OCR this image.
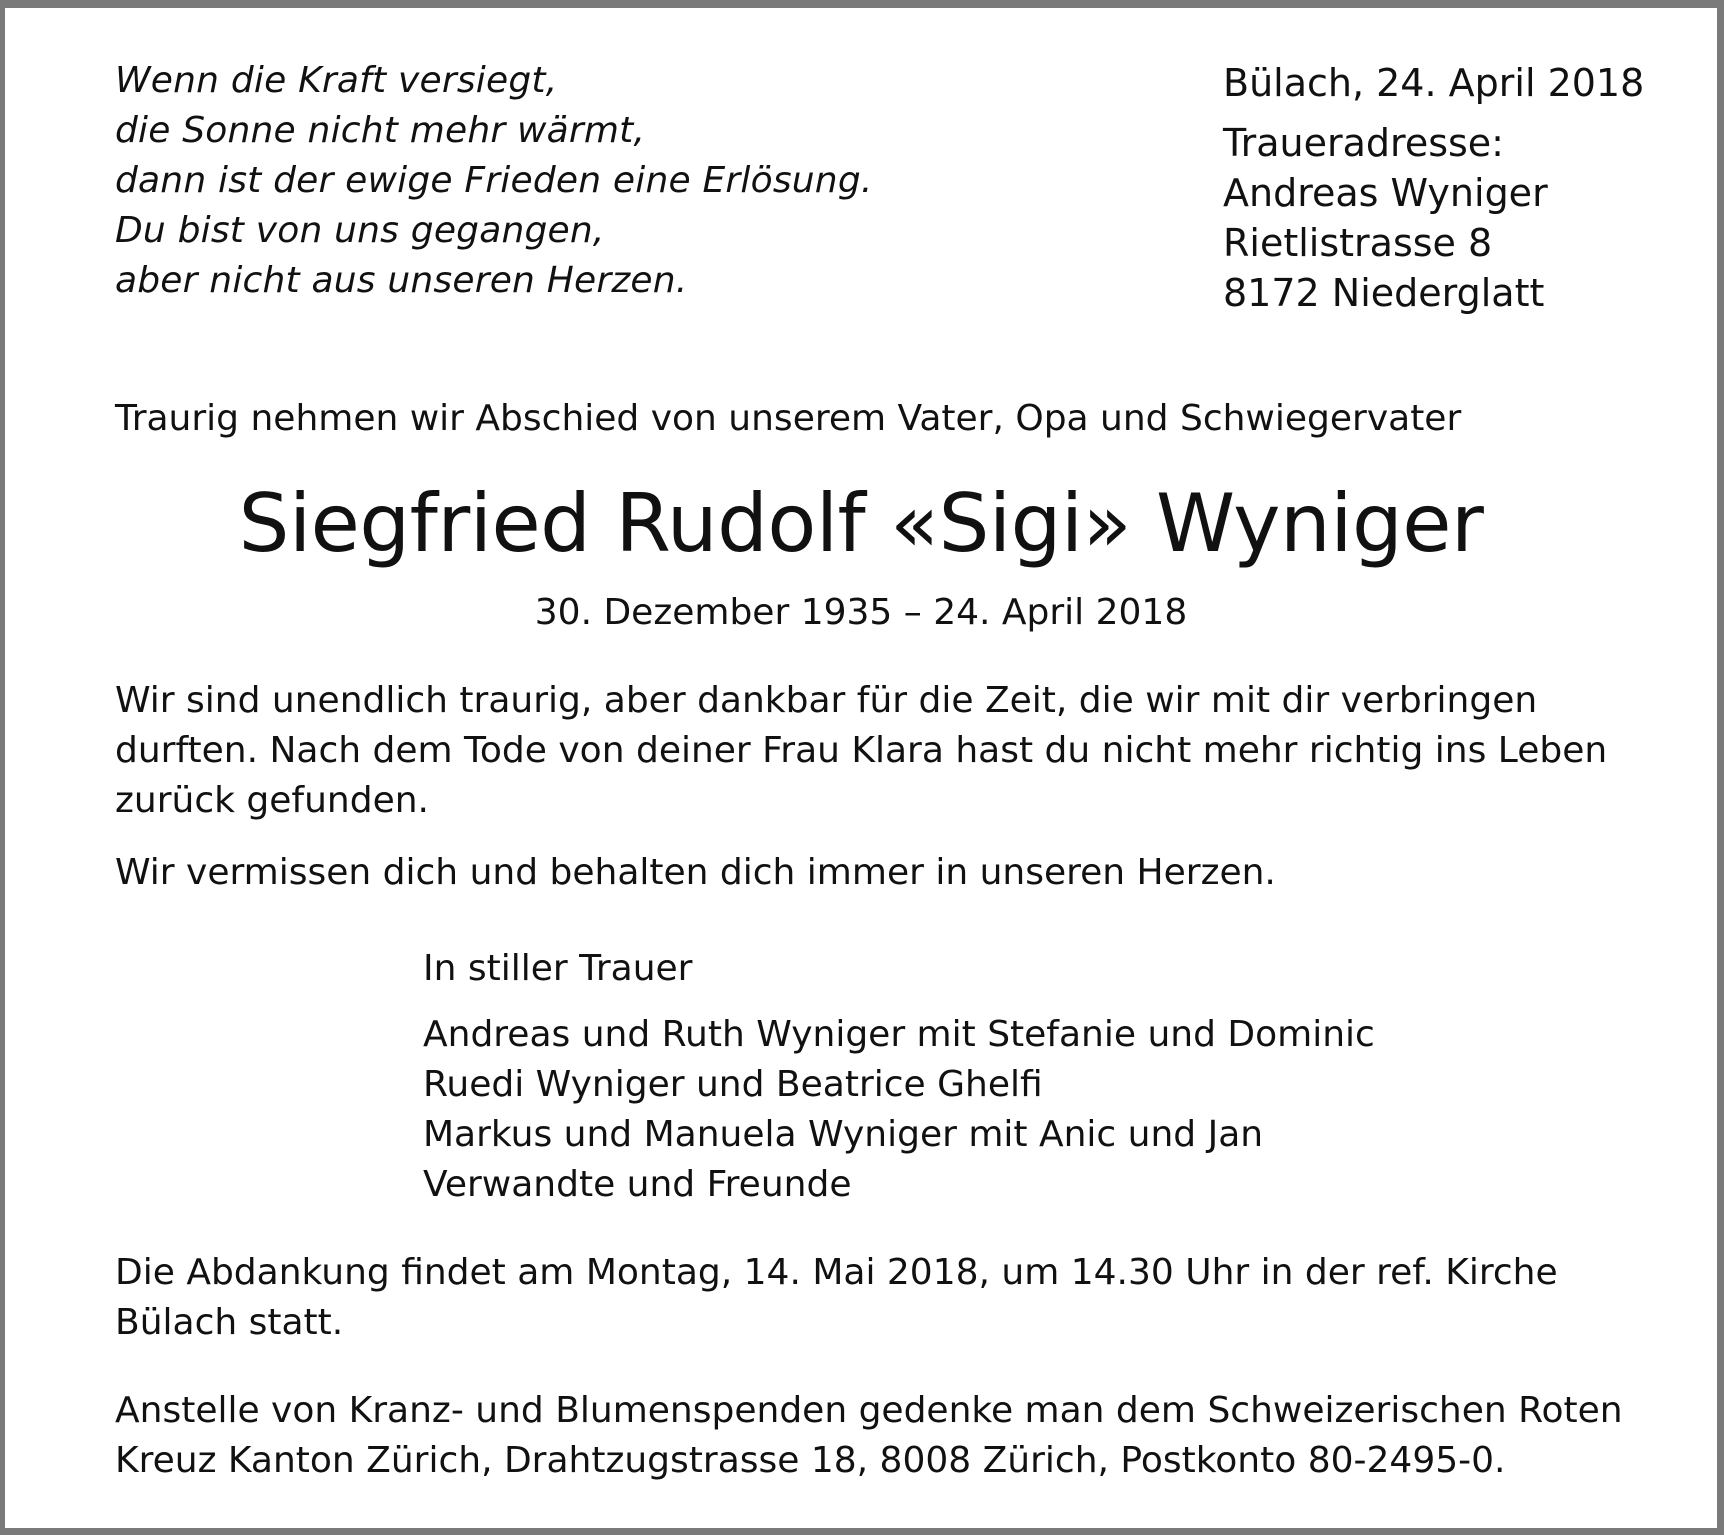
Wenn die Kraft versiegt,
die Sonne nicht mehr wärmt,
dann ist der ewige Frieden eine Erlösung.
Du bist von uns gegangen,
aber nicht aus unseren Herzen.
Bülach, 24. April 2018
Traueradresse:
Andreas Wyniger
Rietlistrasse 8
8172 Niederglatt
Traurig nehmen wir Abschied von unserem Vater, Opa und Schwiegervater
Siegfried Rudolf «Sigi» Wyniger
30. Dezember 1935 – 24. April 2018
Wir sind unendlich traurig, aber dankbar für die Zeit, die wir mit dir verbringen durften. Nach dem Tode von deiner Frau Klara hast du nicht mehr richtig ins Leben zurück gefunden.
Wir vermissen dich und behalten dich immer in unseren Herzen.
In stiller Trauer
Andreas und Ruth Wyniger mit Stefanie und Dominic
Ruedi Wyniger und Beatrice Ghelfi
Markus und Manuela Wyniger mit Anic und Jan
Verwandte und Freunde
Die Abdankung findet am Montag, 14. Mai 2018, um 14.30 Uhr in der ref. Kirche Bülach statt.
Anstelle von Kranz- und Blumenspenden gedenke man dem Schweizerischen Roten Kreuz Kanton Zürich, Drahtzugstrasse 18, 8008 Zürich, Postkonto 80-2495-0.
